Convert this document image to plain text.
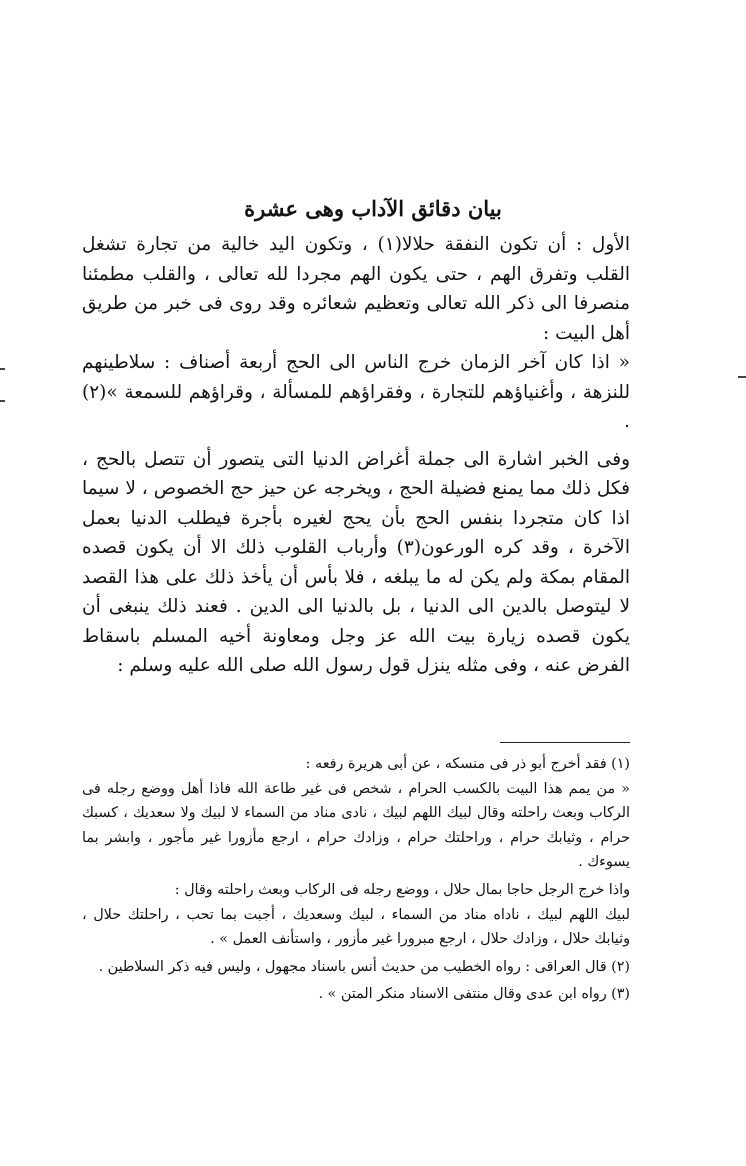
بيان دقائق الآداب وهى عشرة

الأول : أن تكون النفقة حلالا(١) ، وتكون اليد خالية من تجارة تشغل القلب وتفرق الهم ، حتى يكون الهم مجردا لله تعالى ، والقلب مطمئنا منصرفا الى ذكر الله تعالى وتعظيم شعائره وقد روى فى خبر من طريق أهل البيت :

« اذا كان آخر الزمان خرج الناس الى الحج أربعة أصناف : سلاطينهم للنزهة ، وأغنياؤهم للتجارة ، وفقراؤهم للمسألة ، وقراؤهم للسمعة »(٢) .

وفى الخبر اشارة الى جملة أغراض الدنيا التى يتصور أن تتصل بالحج ، فكل ذلك مما يمنع فضيلة الحج ، ويخرجه عن حيز حج الخصوص ، لا سيما اذا كان متجردا بنفس الحج بأن يحج لغيره بأجرة فيطلب الدنيا بعمل الآخرة ، وقد كره الورعون(٣) وأرباب القلوب ذلك الا أن يكون قصده المقام بمكة ولم يكن له ما يبلغه ، فلا بأس أن يأخذ ذلك على هذا القصد لا ليتوصل بالدين الى الدنيا ، بل بالدنيا الى الدين . فعند ذلك ينبغى أن يكون قصده زيارة بيت الله عز وجل ومعاونة أخيه المسلم باسقاط الفرض عنه ، وفى مثله ينزل قول رسول الله صلى الله عليه وسلم :

(١) فقد أخرج أبو ذر فى منسكه ، عن أبى هريرة رفعه :

« من يمم هذا البيت بالكسب الحرام ، شخص فى غير طاعة الله فاذا أهل ووضع رجله فى الركاب وبعث راحلته وقال لبيك اللهم لبيك ، نادى مناد من السماء لا لبيك ولا سعديك ، كسبك حرام ، وثيابك حرام ، وراحلتك حرام ، وزادك حرام ، ارجع مأزورا غير مأجور ، وابشر بما يسوءك .

واذا خرج الرجل حاجا بمال حلال ، ووضع رجله فى الركاب وبعث راحلته وقال :

لبيك اللهم لبيك ، ناداه مناد من السماء ، لبيك وسعديك ، أجبت بما تحب ، راحلتك حلال ، وثيابك حلال ، وزادك حلال ، ارجع مبرورا غير مأزور ، واستأنف العمل » .

(٢) قال العراقى : رواه الخطيب من حديث أنس باسناد مجهول ، وليس فيه ذكر السلاطين .

(٣) رواه ابن عدى وقال منتفى الاسناد منكر المتن » .
